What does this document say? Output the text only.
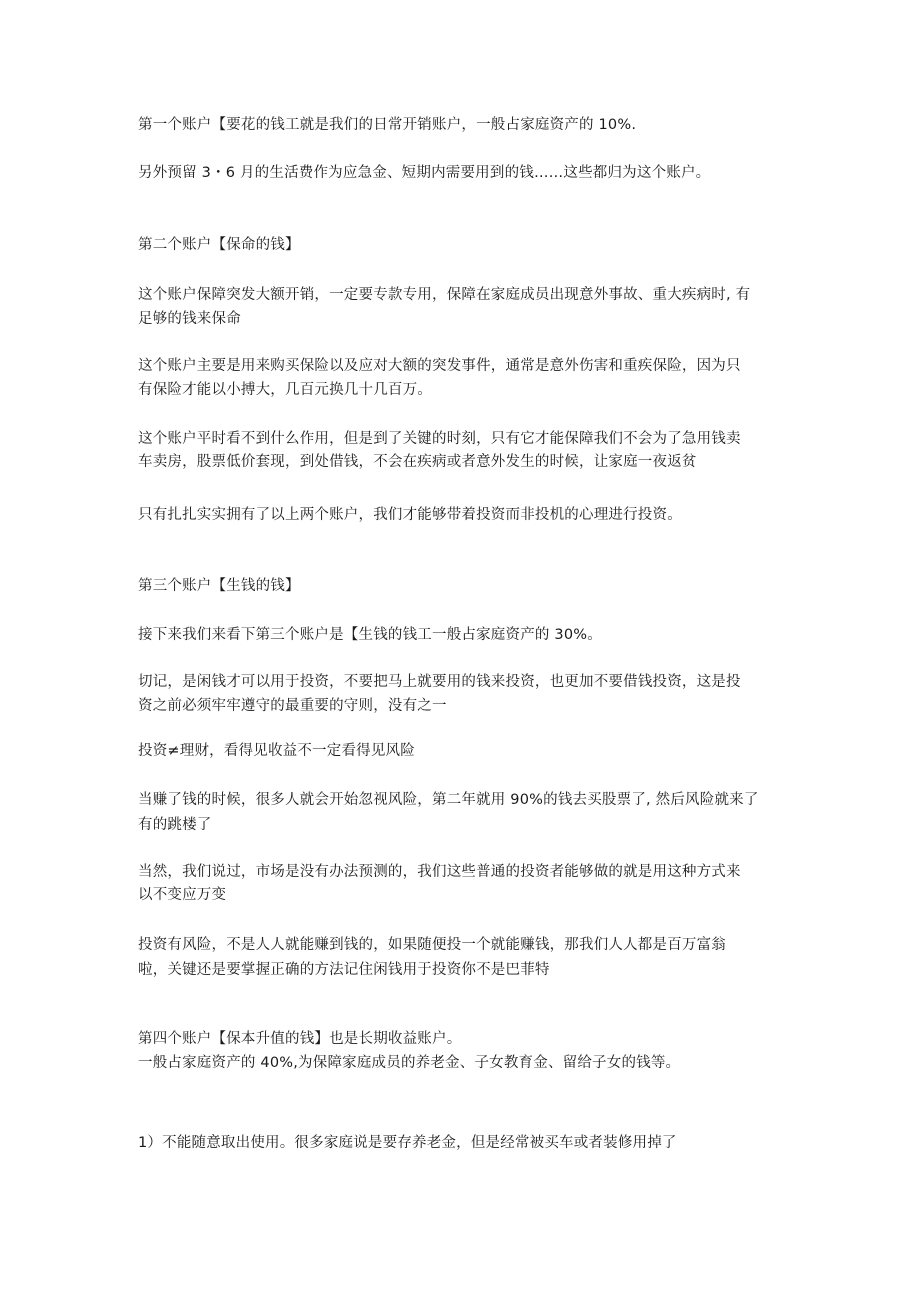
第一个账户【要花的钱工就是我们的日常开销账户，一般占家庭资产的 10%.
另外预留 3・6 月的生活费作为应急金、短期内需要用到的钱……这些都归为这个账户。
第二个账户【保命的钱】
这个账户保障突发大额开销，一定要专款专用，保障在家庭成员出现意外事故、重大疾病时, 有
足够的钱来保命
这个账户主要是用来购买保险以及应对大额的突发事件，通常是意外伤害和重疾保险，因为只
有保险才能以小搏大，几百元换几十几百万。
这个账户平时看不到什么作用，但是到了关键的时刻，只有它才能保障我们不会为了急用钱卖
车卖房，股票低价套现，到处借钱，不会在疾病或者意外发生的时候，让家庭一夜返贫
只有扎扎实实拥有了以上两个账户，我们才能够带着投资而非投机的心理进行投资。
第三个账户【生钱的钱】
接下来我们来看下第三个账户是【生钱的钱工一般占家庭资产的 30%。
切记，是闲钱才可以用于投资，不要把马上就要用的钱来投资，也更加不要借钱投资，这是投
资之前必须牢牢遵守的最重要的守则，没有之一
投资≠理财，看得见收益不一定看得见风险
当赚了钱的时候，很多人就会开始忽视风险，第二年就用 90%的钱去买股票了, 然后风险就来了
有的跳楼了
当然，我们说过，市场是没有办法预测的，我们这些普通的投资者能够做的就是用这种方式来
以不变应万变
投资有风险，不是人人就能赚到钱的，如果随便投一个就能赚钱，那我们人人都是百万富翁
啦，关键还是要掌握正确的方法记住闲钱用于投资你不是巴菲特
第四个账户【保本升值的钱】也是长期收益账户。
一般占家庭资产的 40%,为保障家庭成员的养老金、子女教育金、留给子女的钱等。
1）不能随意取出使用。很多家庭说是要存养老金，但是经常被买车或者装修用掉了
